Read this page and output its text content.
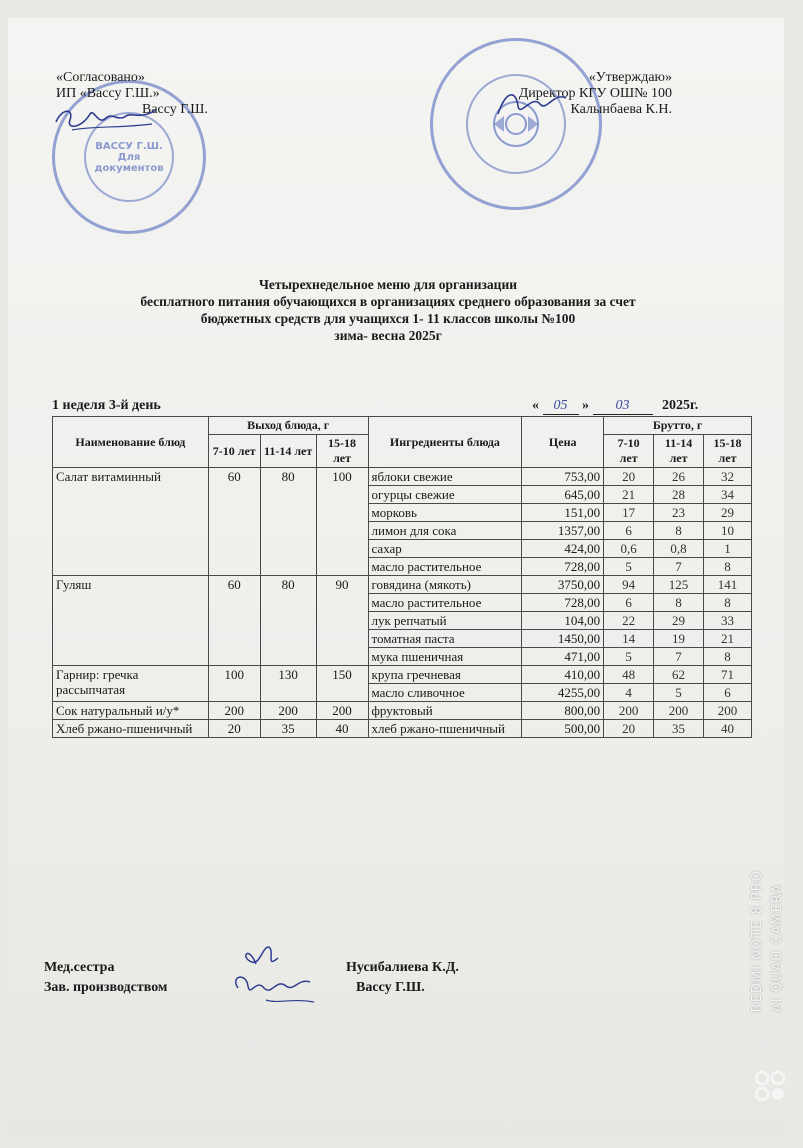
ВАССУ Г.Ш. Для документов
«Согласовано»
ИП «Вассу Г.Ш.»
Вассу Г.Ш.
«Утверждаю»
Директор КГУ ОШ№ 100
Калынбаева К.Н.
Четырехнедельное меню для организации
бесплатного питания обучающихся в организациях среднего образования за счет
бюджетных средств для учащихся 1- 11 классов школы №100
зима- весна 2025г
1 неделя 3-й день	« 05 » 03 2025г.
Наименование блюд	Выход блюда, г			Ингредиенты блюда	Цена	Брутто, г		
	7-10 лет	11-14 лет	15-18 лет			7-10 лет	11-14 лет	15-18 лет
Салат витаминный	60	80	100	яблоки свежие	753,00	20	26	32
				огурцы свежие	645,00	21	28	34
				морковь	151,00	17	23	29
				лимон для сока	1357,00	6	8	10
				сахар	424,00	0,6	0,8	1
				масло растительное	728,00	5	7	8
Гуляш	60	80	90	говядина (мякоть)	3750,00	94	125	141
				масло растительное	728,00	6	8	8
				лук репчатый	104,00	22	29	33
				томатная паста	1450,00	14	19	21
				мука пшеничная	471,00	5	7	8
Гарнир: гречка рассыпчатая	100	130	150	крупа гречневая	410,00	48	62	71
				масло сливочное	4255,00	4	5	6
Сок натуральный и/у*	200	200	200	фруктовый	800,00	200	200	200
Хлеб ржано-пшеничный	20	35	40	хлеб ржано-пшеничный	500,00	20	35	40
Мед.сестра
Зав. производством
Нусибалиева К.Д.
Вассу Г.Ш.	REDMI NOTE 8 PRO AI QUAD CAMERA
